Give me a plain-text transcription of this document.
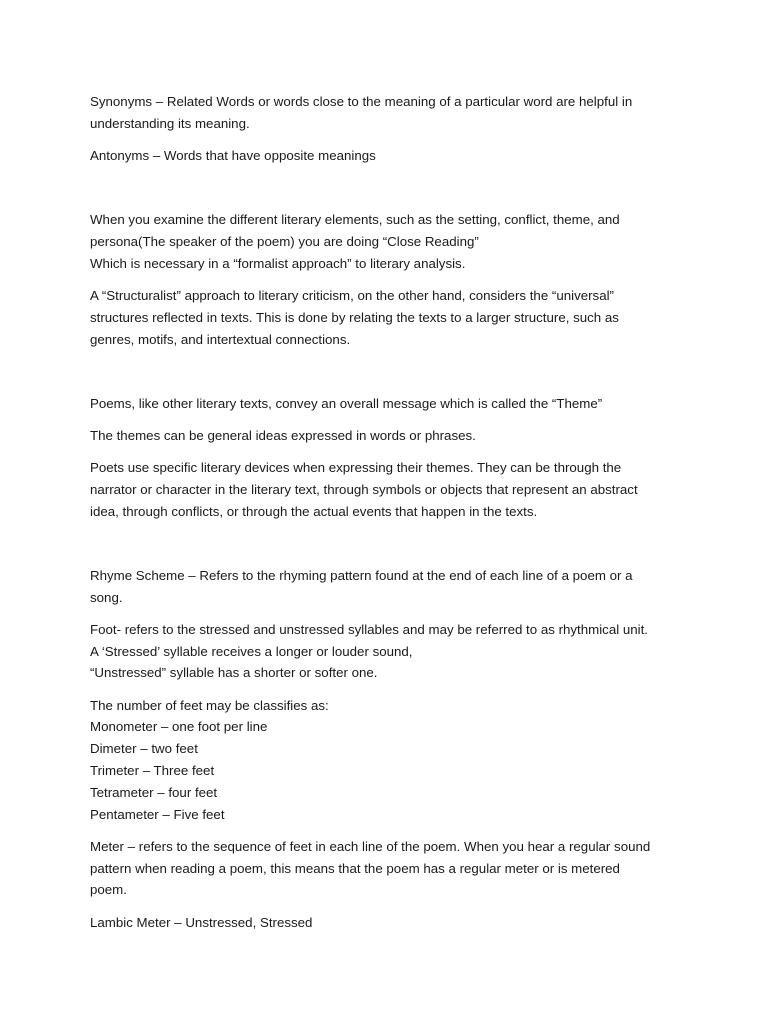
Synonyms – Related Words or words close to the meaning of a particular word are helpful in
understanding its meaning.

Antonyms – Words that have opposite meanings

When you examine the different literary elements, such as the setting, conflict, theme, and
persona(The speaker of the poem) you are doing “Close Reading”
Which is necessary in a “formalist approach” to literary analysis.

A “Structuralist” approach to literary criticism, on the other hand, considers the “universal”
structures reflected in texts. This is done by relating the texts to a larger structure, such as
genres, motifs, and intertextual connections.

Poems, like other literary texts, convey an overall message which is called the “Theme”

The themes can be general ideas expressed in words or phrases.

Poets use specific literary devices when expressing their themes. They can be through the
narrator or character in the literary text, through symbols or objects that represent an abstract
idea, through conflicts, or through the actual events that happen in the texts.

Rhyme Scheme – Refers to the rhyming pattern found at the end of each line of a poem or a
song.

Foot- refers to the stressed and unstressed syllables and may be referred to as rhythmical unit.
A ‘Stressed’ syllable receives a longer or louder sound,
“Unstressed” syllable has a shorter or softer one.

The number of feet may be classifies as:
Monometer – one foot per line
Dimeter – two feet
Trimeter – Three feet
Tetrameter – four feet
Pentameter – Five feet

Meter – refers to the sequence of feet in each line of the poem. When you hear a regular sound
pattern when reading a poem, this means that the poem has a regular meter or is metered
poem.

Lambic Meter – Unstressed, Stressed
